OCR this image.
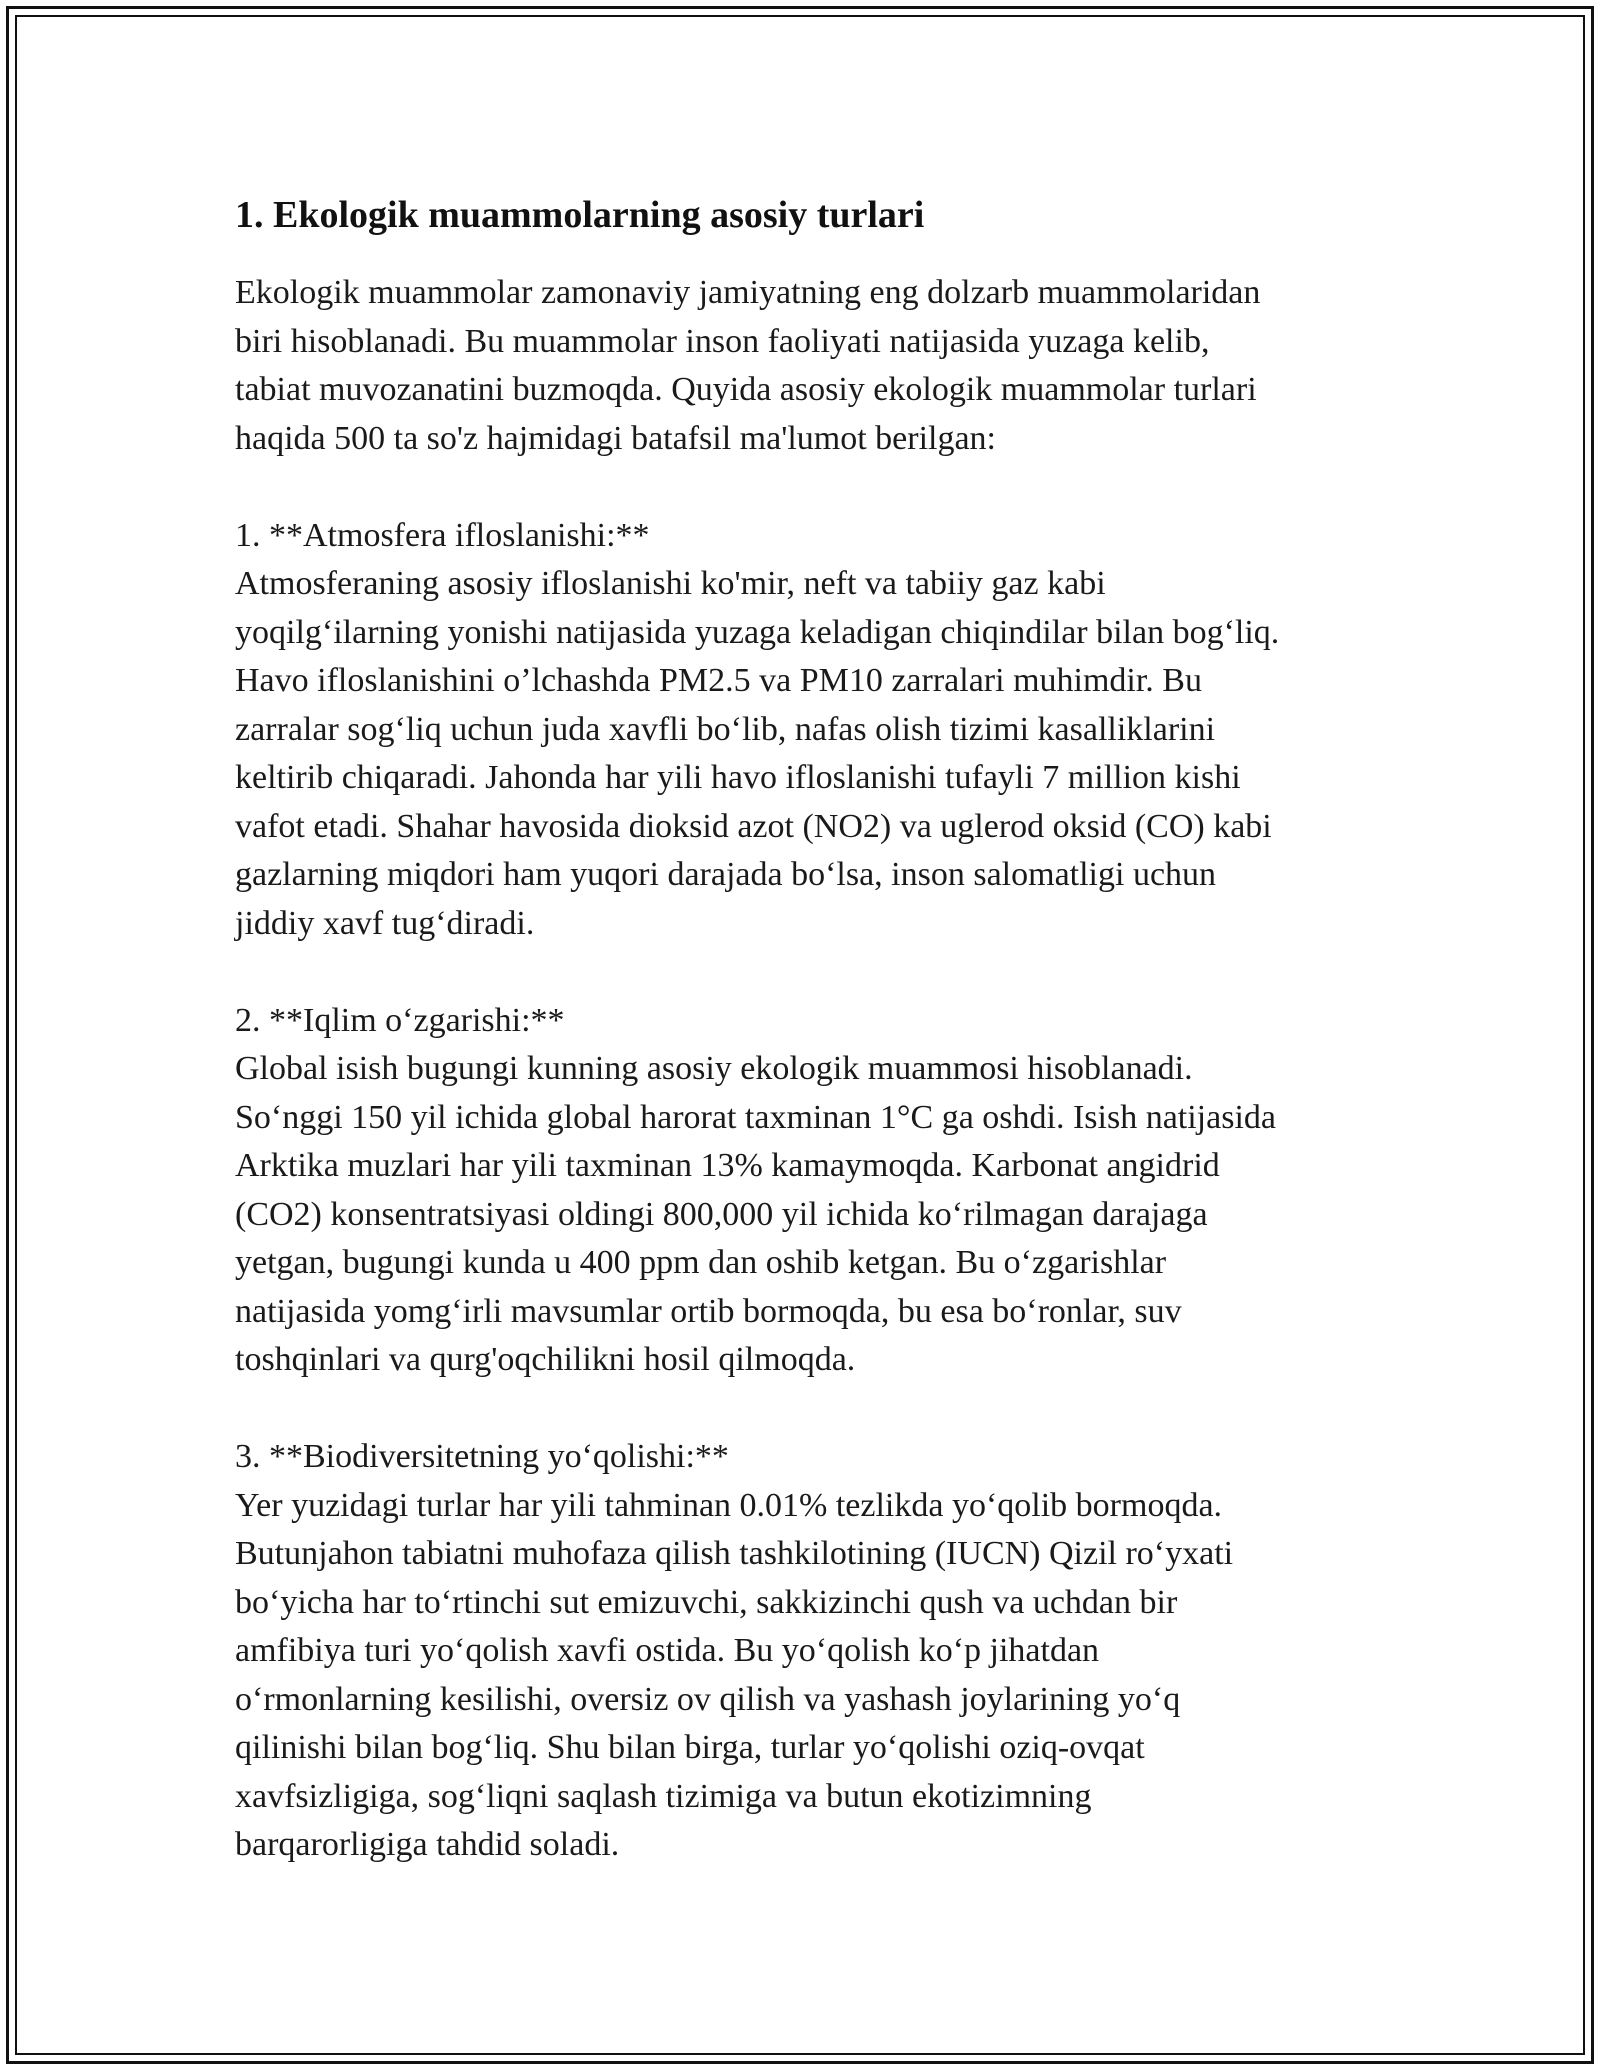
1. Ekologik muammolarning asosiy turlari

Ekologik muammolar zamonaviy jamiyatning eng dolzarb muammolaridan
biri hisoblanadi. Bu muammolar inson faoliyati natijasida yuzaga kelib,
tabiat muvozanatini buzmoqda. Quyida asosiy ekologik muammolar turlari
haqida 500 ta so'z hajmidagi batafsil ma'lumot berilgan:

1. **Atmosfera ifloslanishi:**
Atmosferaning asosiy ifloslanishi ko'mir, neft va tabiiy gaz kabi
yoqilg‘ilarning yonishi natijasida yuzaga keladigan chiqindilar bilan bog‘liq.
Havo ifloslanishini o’lchashda PM2.5 va PM10 zarralari muhimdir. Bu
zarralar sog‘liq uchun juda xavfli bo‘lib, nafas olish tizimi kasalliklarini
keltirib chiqaradi. Jahonda har yili havo ifloslanishi tufayli 7 million kishi
vafot etadi. Shahar havosida dioksid azot (NO2) va uglerod oksid (CO) kabi
gazlarning miqdori ham yuqori darajada bo‘lsa, inson salomatligi uchun
jiddiy xavf tug‘diradi.

2. **Iqlim o‘zgarishi:**
Global isish bugungi kunning asosiy ekologik muammosi hisoblanadi.
So‘nggi 150 yil ichida global harorat taxminan 1°C ga oshdi. Isish natijasida
Arktika muzlari har yili taxminan 13% kamaymoqda. Karbonat angidrid
(CO2) konsentratsiyasi oldingi 800,000 yil ichida ko‘rilmagan darajaga
yetgan, bugungi kunda u 400 ppm dan oshib ketgan. Bu o‘zgarishlar
natijasida yomg‘irli mavsumlar ortib bormoqda, bu esa bo‘ronlar, suv
toshqinlari va qurg'oqchilikni hosil qilmoqda.

3. **Biodiversitetning yo‘qolishi:**
Yer yuzidagi turlar har yili tahminan 0.01% tezlikda yo‘qolib bormoqda.
Butunjahon tabiatni muhofaza qilish tashkilotining (IUCN) Qizil ro‘yxati
bo‘yicha har to‘rtinchi sut emizuvchi, sakkizinchi qush va uchdan bir
amfibiya turi yo‘qolish xavfi ostida. Bu yo‘qolish ko‘p jihatdan
o‘rmonlarning kesilishi, oversiz ov qilish va yashash joylarining yo‘q
qilinishi bilan bog‘liq. Shu bilan birga, turlar yo‘qolishi oziq-ovqat
xavfsizligiga, sog‘liqni saqlash tizimiga va butun ekotizimning
barqarorligiga tahdid soladi.
